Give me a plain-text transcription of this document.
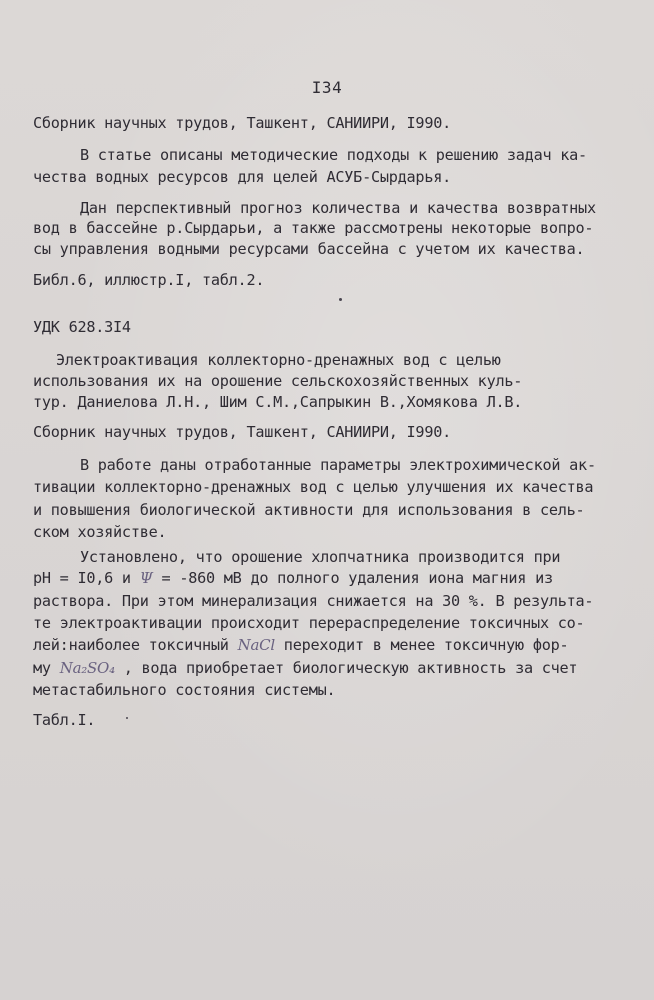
I34
Сборник научных трудов, Ташкент, САНИИРИ, I990.
В статье описаны методические подходы к решению задач ка-
чества водных ресурсов для целей АСУБ-Сырдарья.
Дан перспективный прогноз количества и качества возвратных
вод в бассейне р.Сырдарьи, а также рассмотрены некоторые вопро-
сы управления водными ресурсами бассейна с учетом их качества.
Библ.6, иллюстр.I, табл.2.
УДК 628.3I4
Электроактивация коллекторно-дренажных вод с целью
использования их на орошение сельскохозяйственных куль-
тур. Даниелова Л.Н., Шим С.М.,Сапрыкин В.,Хомякова Л.В.
Сборник научных трудов, Ташкент, САНИИРИ, I990.
В работе даны отработанные параметры электрохимической ак-
тивации коллекторно-дренажных вод с целью улучшения их качества
и повышения биологической активности для использования в сель-
ском хозяйстве.
Установлено, что орошение хлопчатника производится при
pH = I0,6 и Ψ = -860 мВ до полного удаления иона магния из
раствора. При этом минерализация снижается на 30 %. В результа-
те электроактивации происходит перераспределение токсичных со-
лей:наиболее токсичный NaCl переходит в менее токсичную фор-
му Na₂SO₄ , вода приобретает биологическую активность за счет
метастабильного состояния системы.
Табл.I.
